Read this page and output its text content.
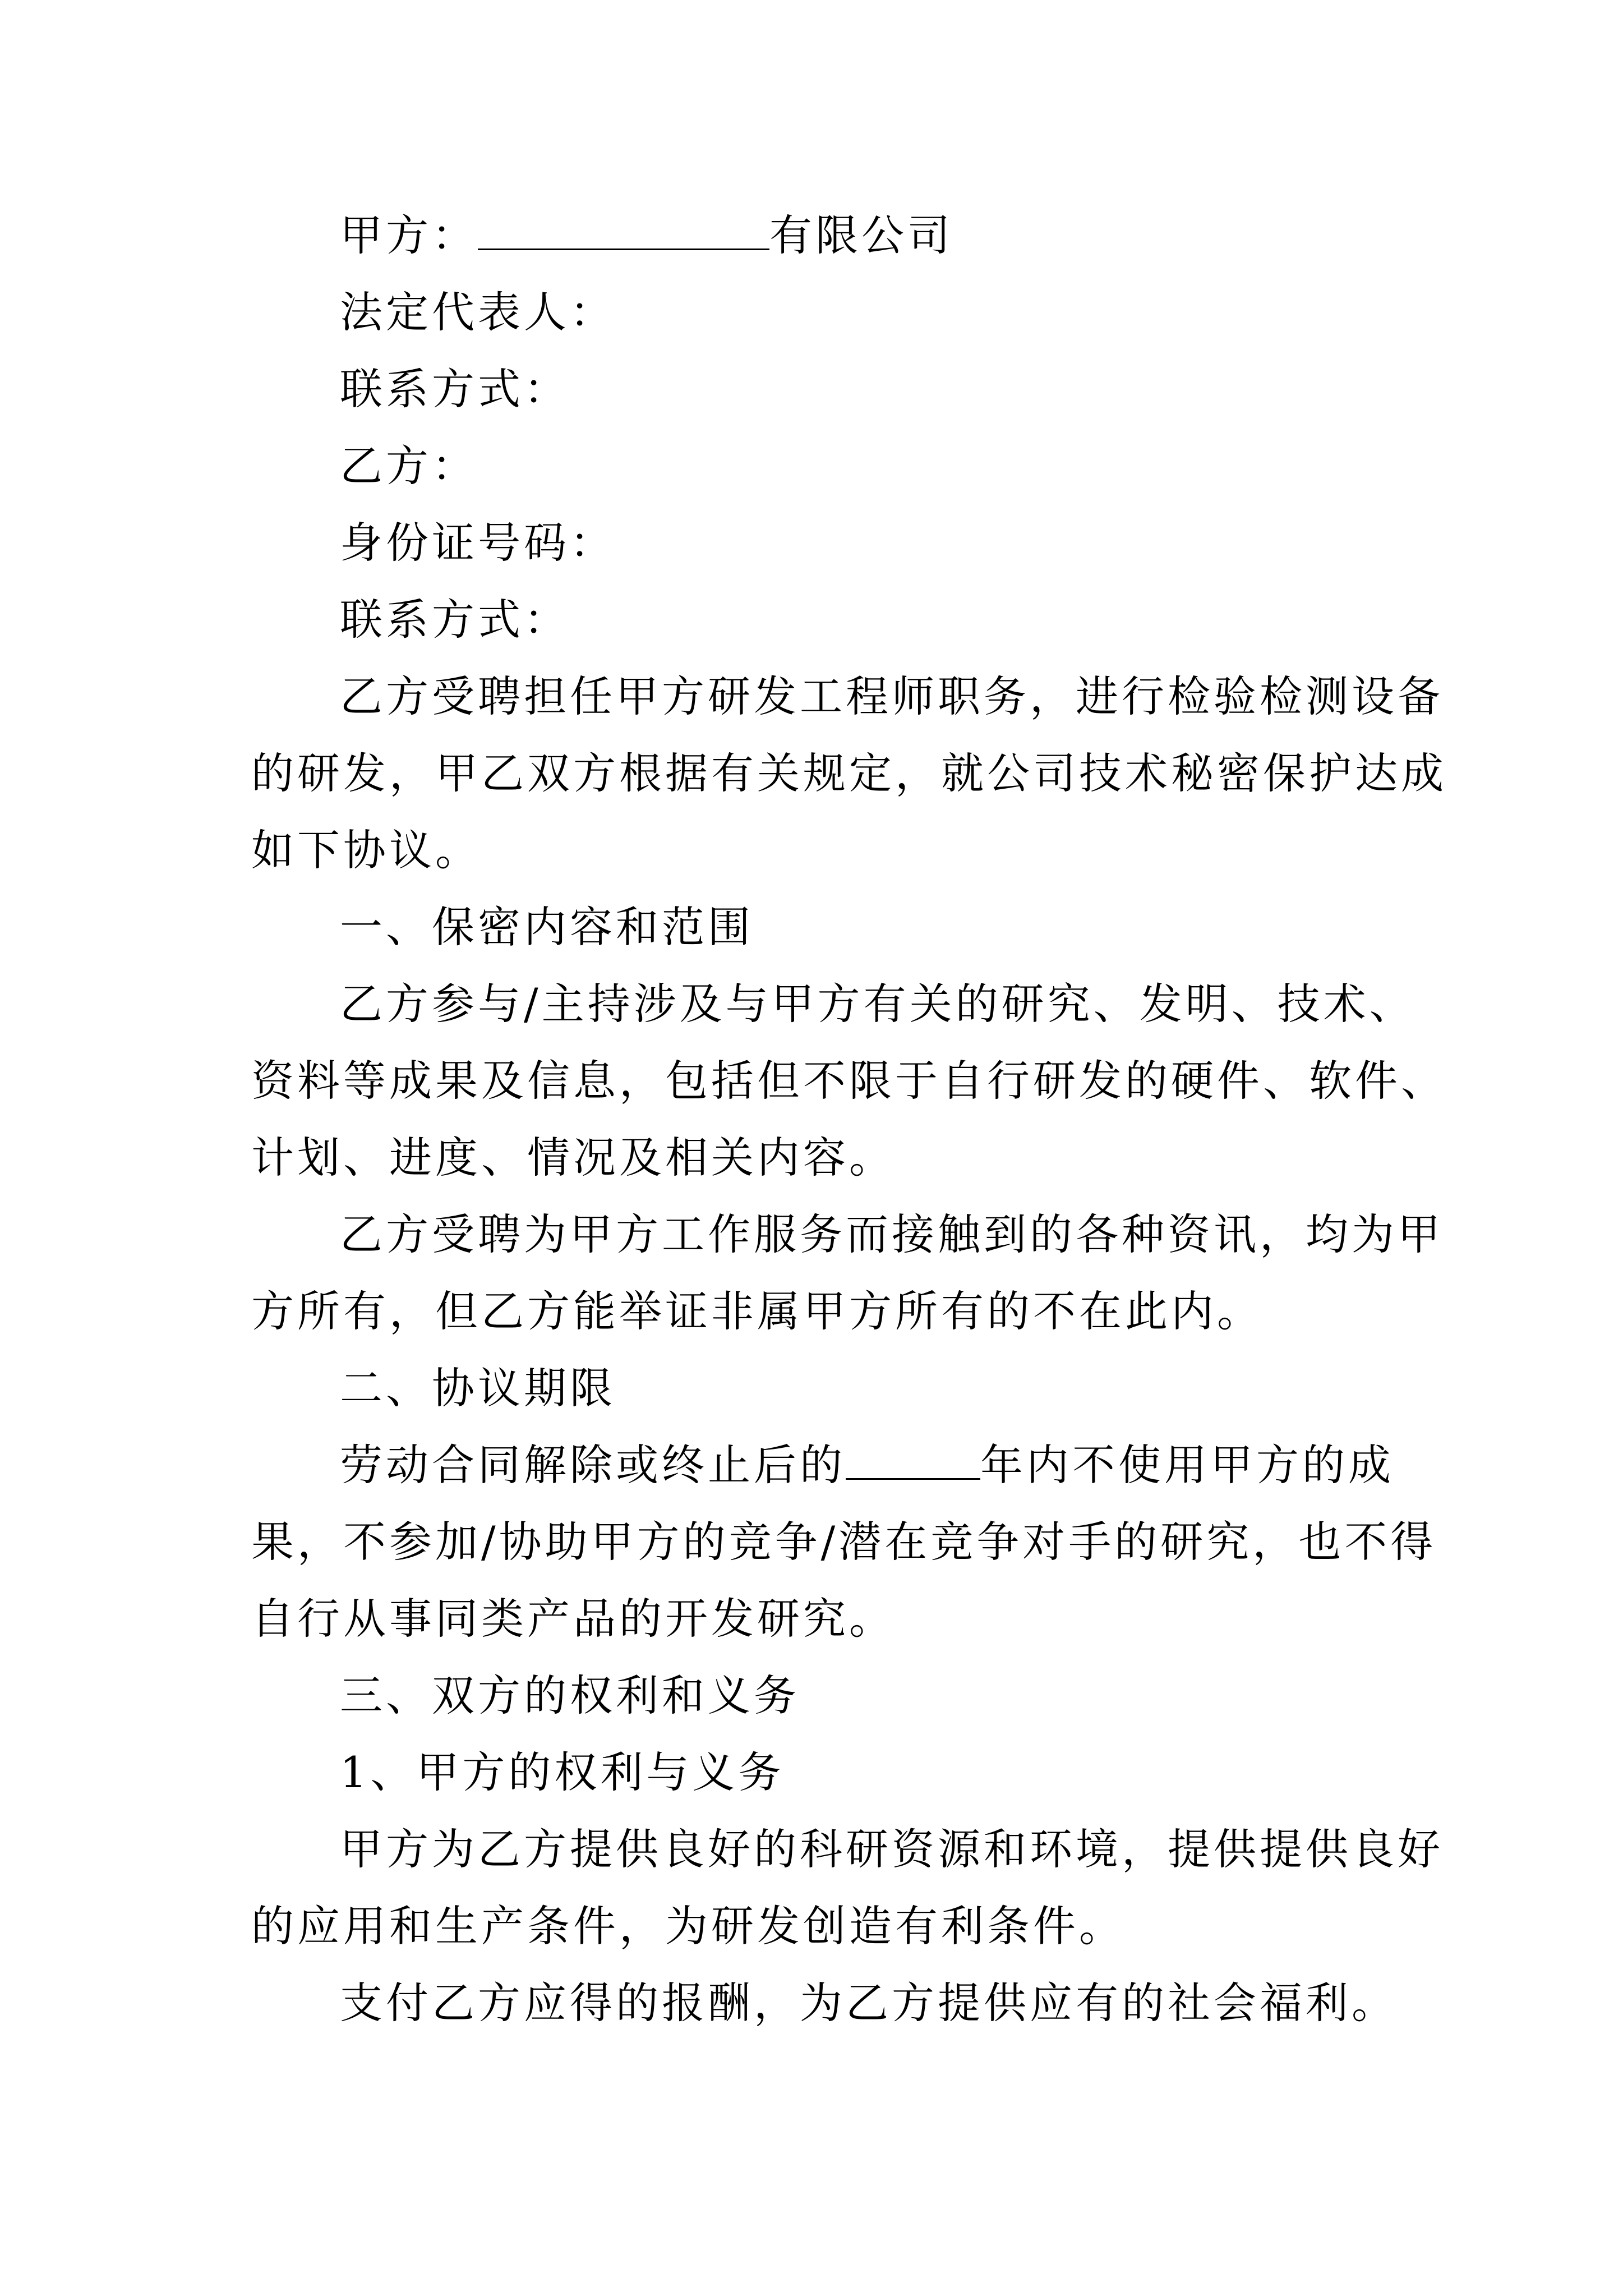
甲方：	有限公司
法定代表人：
联系方式：
乙方：
身份证号码：
联系方式：
乙方受聘担任甲方研发工程师职务，进行检验检测设备
的研发，甲乙双方根据有关规定，就公司技术秘密保护达成
如下协议。
一、保密内容和范围
乙方参与/主持涉及与甲方有关的研究、发明、技术、
资料等成果及信息，包括但不限于自行研发的硬件、软件、
计划、进度、情况及相关内容。
乙方受聘为甲方工作服务而接触到的各种资讯，均为甲
方所有，但乙方能举证非属甲方所有的不在此内。
二、协议期限
劳动合同解除或终止后的	年内不使用甲方的成
果，不参加/协助甲方的竞争/潜在竞争对手的研究，也不得
自行从事同类产品的开发研究。
三、双方的权利和义务
1、甲方的权利与义务
甲方为乙方提供良好的科研资源和环境，提供提供良好
的应用和生产条件，为研发创造有利条件。
支付乙方应得的报酬，为乙方提供应有的社会福利。
